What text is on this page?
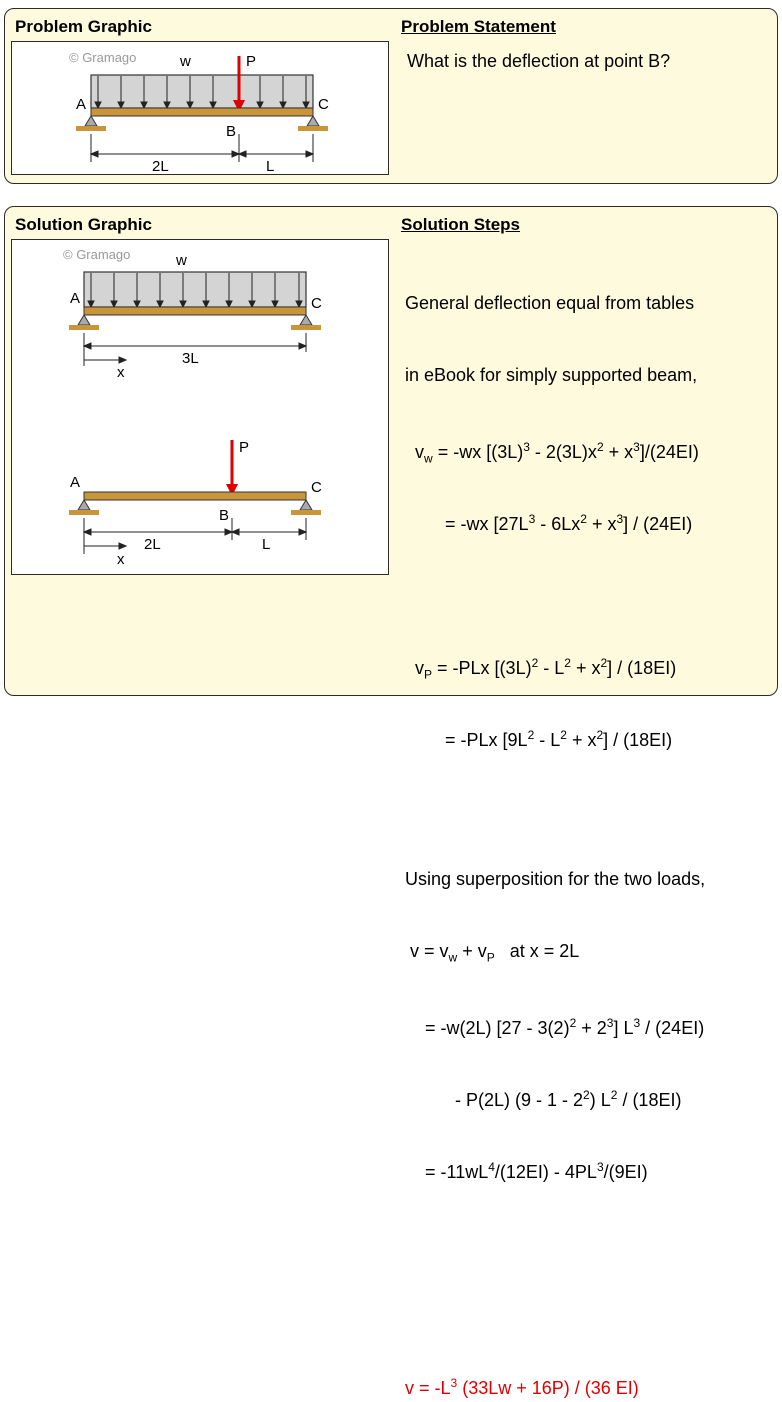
Problem Graphic	Problem Statement
What is the deflection at point B?
© Gramago	w	P
A	C
B
2L	L
Solution Graphic	Solution Steps
© Gramago	w
A	C
3L
x
P
A	C
B
2L	L
x

General deflection equal from tables

in eBook for simply supported beam,

$v_w = -wx$ $[(3L)^3 - 2(3L)x^2 + x^3]/(24EI)$

= -wx $[27L^3 - 6Lx^2 + x^3] / (24EI)$

$v_P = -PLx$ $[(3L)^2 - L^2 + x^2] / (18EI)$

= -PLx $[9L^2 - L^2 + x^2] / (18EI)$

Using superposition for the two loads,

$v = v_w + v_P$   at x = 2L

= -w(2L) $[27 - 3(2)^2 + 2^3]$ $L^3 / (24EI)$

- P(2L) $(9 - 1 - 2^2)$ $L^2 / (18EI)$

= $-11wL^4/(12EI) - 4PL^3/(9EI)$

$v = -L^3$ (33Lw + 16P) / (36 EI)
